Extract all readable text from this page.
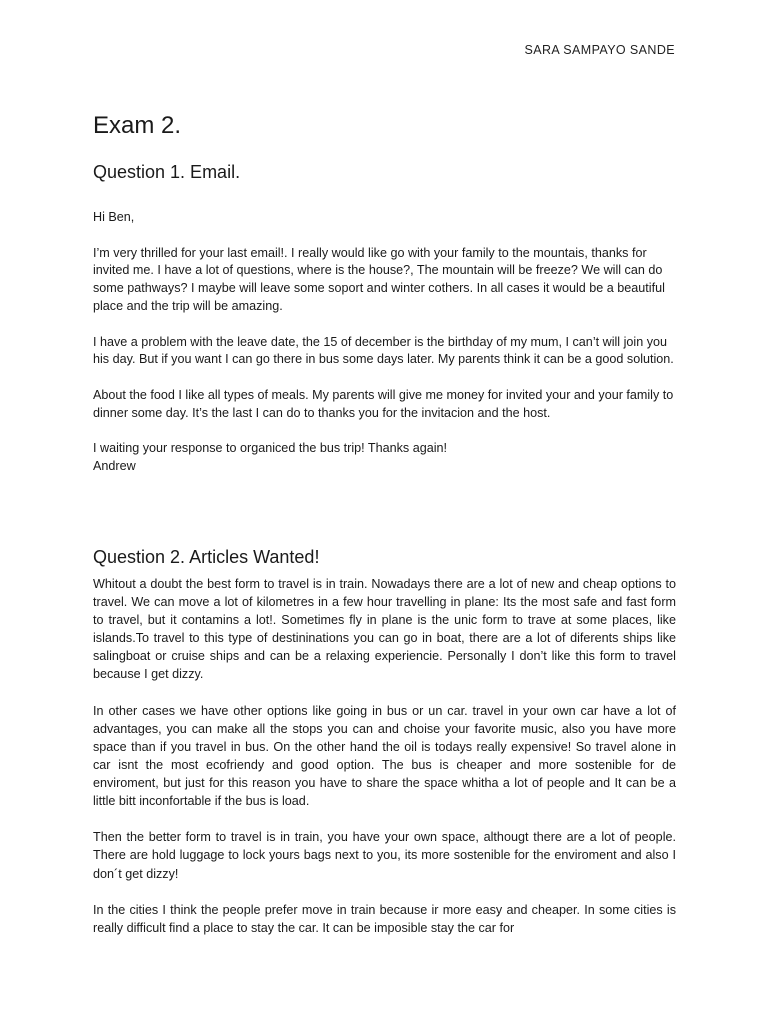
SARA SAMPAYO SANDE
Exam 2.
Question 1. Email.

Hi Ben,

I’m very thrilled for your last email!. I really would like go with your family to the mountais, thanks for invited me. I have a lot of questions, where is the house?, The mountain will be freeze? We will can do some pathways? I maybe will leave some soport and winter cothers. In all cases it would be a beautiful place and the trip will be amazing.

I have a problem with the leave date, the 15 of december is the birthday of my mum, I can’t will join you his day. But if you want I can go there in bus some days later. My parents think it can be a good solution.

About the food I like all types of meals. My parents will give me money for invited your and your family to dinner some day. It’s the last I can do to thanks you for the invitacion and the host.

I waiting your response to organiced the bus trip! Thanks again!
Andrew

Question 2. Articles Wanted!

Whitout a doubt the best form to travel is in train. Nowadays there are a lot of new and cheap options to travel. We can move a lot of kilometres in a few hour travelling in plane: Its the most safe and fast form to travel, but it contamins a lot!. Sometimes fly in plane is the unic form to trave at some places, like islands.To travel to this type of destininations you can go in boat, there are a lot of diferents ships like salingboat or cruise ships and can be a relaxing experiencie. Personally I don’t like this form to travel because I get dizzy.

In other cases we have other options like going in bus or un car. travel in your own car have a lot of advantages, you can make all the stops you can and choise your favorite music, also you have more space than if you travel in bus. On the other hand the oil is todays really expensive! So travel alone in car isnt the most ecofriendy and good option. The bus is cheaper and more sostenible for de enviroment, but just for this reason you have to share the space whitha a lot of people and It can be a little bitt inconfortable if the bus is load.

Then the better form to travel is in train, you have your own space, althougt there are a lot of people. There are hold luggage to lock yours bags next to you, its more sostenible for the enviroment and also I don´t get dizzy!

In the cities I think the people prefer move in train because ir more easy and cheaper. In some cities is really difficult find a place to stay the car. It can be imposible stay the car for
